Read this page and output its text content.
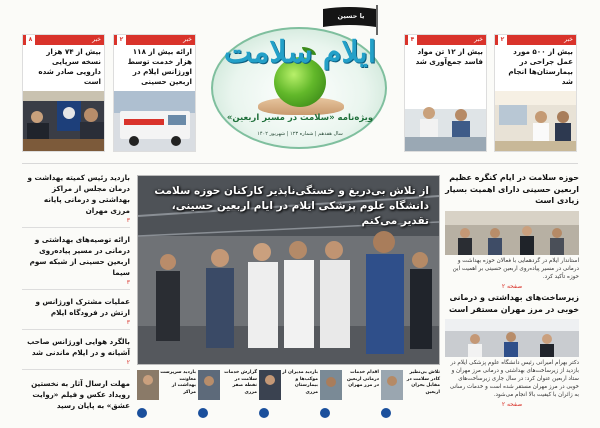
خبر
۸
بیش از ۷۴ هزار نسخه سرپایی دارویی صادر شده است
خبر
۲
ارائه بیش از ۱۱۸ هزار خدمت توسط اورژانس ایلام در اربعین حسینی
یا حسین
ایلام سلامت
ویژه‌نامه «سلامت در مسیر اربعین»
سال هفدهم | شماره ۱۲۳ | شهریور ۱۴۰۲
خبر
۴
بیش از ۱۲ تن مواد فاسد جمع‌آوری شد
خبر
۲
بیش از ۵۰۰ مورد عمل جراحی در بیمارستان‌ها انجام شد
بازدید رئیس کمیته بهداشت و درمان مجلس از مراکز بهداشتی و درمانی پایانه مرزی مهران
۳
ارائه توصیه‌های بهداشتی و درمانی در مسیر پیاده‌روی اربعین حسینی از شبکه سوم سیما
۳
عملیات مشترک اورژانس و ارتش در فرودگاه ایلام
۳
بالگرد هوایی اورژانس صاحب آشیانه و در ایلام ماندنی شد
۲
مهلت ارسال آثار به نخستین رویداد عکس و فیلم «روایت عشق» به پایان رسید
از تلاش بی‌دریغ و خستگی‌ناپذیر کارکنان حوزه سلامت دانشگاه علوم پزشکی ایلام در ایام اربعین حسینی، تقدیر می‌کنم
بازدید سرپرست معاونت بهداشت از مراکز
گزارش خدمات سلامت در نقطه صفر مرزی
بازدید مدیران از موکب‌ها و بیمارستان مرزی
اقدام خدمات درمانی اربعین در مرز مهران
تلاش بی‌نظیر کادر سلامت در مقابل بحران اربعین
حوزه سلامت در ایام کنگره عظیم اربعین حسینی دارای اهمیت بسیار زیادی است
استاندار ایلام در گردهمایی با فعالان حوزه بهداشت و درمانی در مسیر پیاده‌روی اربعین حسینی بر اهمیت این حوزه تأکید کرد.
صفحه ۲
زیرساخت‌های بهداشتی و درمانی خوبی در مرز مهران مستقر است
دکتر بهرام امیرانی رئیس دانشگاه علوم پزشکی ایلام در بازدید از زیرساخت‌های بهداشتی و درمانی مرز مهران و ستاد اربعین عنوان کرد: در سال جاری زیرساخت‌های خوبی در مرز مهران مستقر شده است و خدمات رسانی به زائران با کیفیت بالا انجام می‌شود.
صفحه ۲
